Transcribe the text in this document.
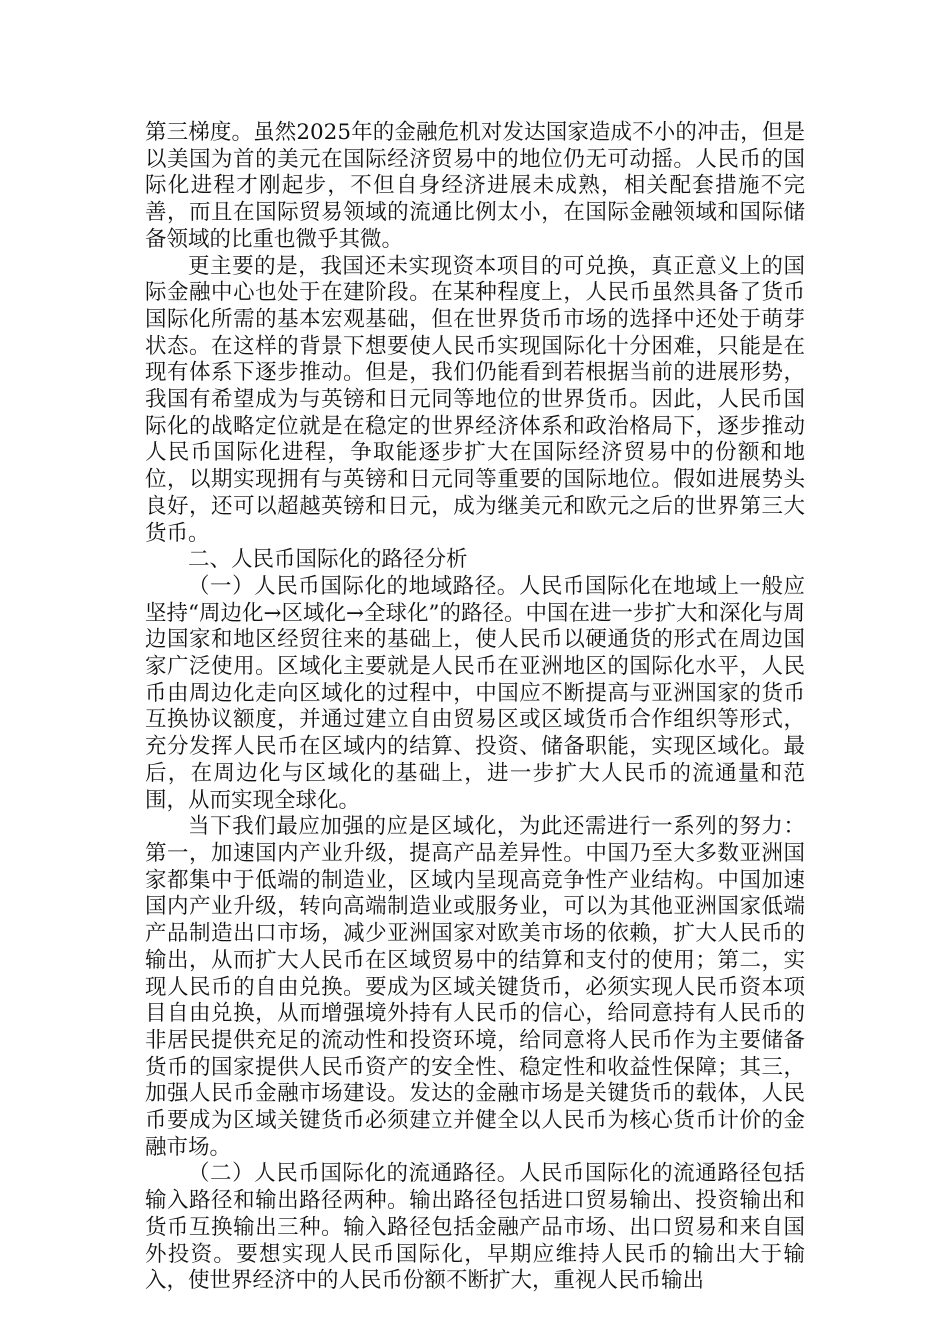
第三梯度。虽然2025年的金融危机对发达国家造成不小的冲击，但是以美国为首的美元在国际经济贸易中的地位仍无可动摇。人民币的国际化进程才刚起步，不但自身经济进展未成熟，相关配套措施不完善，而且在国际贸易领域的流通比例太小，在国际金融领域和国际储备领域的比重也微乎其微。

更主要的是，我国还未实现资本项目的可兑换，真正意义上的国际金融中心也处于在建阶段。在某种程度上，人民币虽然具备了货币国际化所需的基本宏观基础，但在世界货币市场的选择中还处于萌芽状态。在这样的背景下想要使人民币实现国际化十分困难，只能是在现有体系下逐步推动。但是，我们仍能看到若根据当前的进展形势，我国有希望成为与英镑和日元同等地位的世界货币。因此，人民币国际化的战略定位就是在稳定的世界经济体系和政治格局下，逐步推动人民币国际化进程，争取能逐步扩大在国际经济贸易中的份额和地位，以期实现拥有与英镑和日元同等重要的国际地位。假如进展势头良好，还可以超越英镑和日元，成为继美元和欧元之后的世界第三大货币。

二、人民币国际化的路径分析

（一）人民币国际化的地域路径。人民币国际化在地域上一般应坚持“周边化→区域化→全球化”的路径。中国在进一步扩大和深化与周边国家和地区经贸往来的基础上，使人民币以硬通货的形式在周边国家广泛使用。区域化主要就是人民币在亚洲地区的国际化水平，人民币由周边化走向区域化的过程中，中国应不断提高与亚洲国家的货币互换协议额度，并通过建立自由贸易区或区域货币合作组织等形式，充分发挥人民币在区域内的结算、投资、储备职能，实现区域化。最后，在周边化与区域化的基础上，进一步扩大人民币的流通量和范围，从而实现全球化。

当下我们最应加强的应是区域化，为此还需进行一系列的努力：第一，加速国内产业升级，提高产品差异性。中国乃至大多数亚洲国家都集中于低端的制造业，区域内呈现高竞争性产业结构。中国加速国内产业升级，转向高端制造业或服务业，可以为其他亚洲国家低端产品制造出口市场，减少亚洲国家对欧美市场的依赖，扩大人民币的输出，从而扩大人民币在区域贸易中的结算和支付的使用；第二，实现人民币的自由兑换。要成为区域关键货币，必须实现人民币资本项目自由兑换，从而增强境外持有人民币的信心，给同意持有人民币的非居民提供充足的流动性和投资环境，给同意将人民币作为主要储备货币的国家提供人民币资产的安全性、稳定性和收益性保障；其三，加强人民币金融市场建设。发达的金融市场是关键货币的载体，人民币要成为区域关键货币必须建立并健全以人民币为核心货币计价的金融市场。

（二）人民币国际化的流通路径。人民币国际化的流通路径包括输入路径和输出路径两种。输出路径包括进口贸易输出、投资输出和货币互换输出三种。输入路径包括金融产品市场、出口贸易和来自国外投资。要想实现人民币国际化，早期应维持人民币的输出大于输入，使世界经济中的人民币份额不断扩大，重视人民币输出
